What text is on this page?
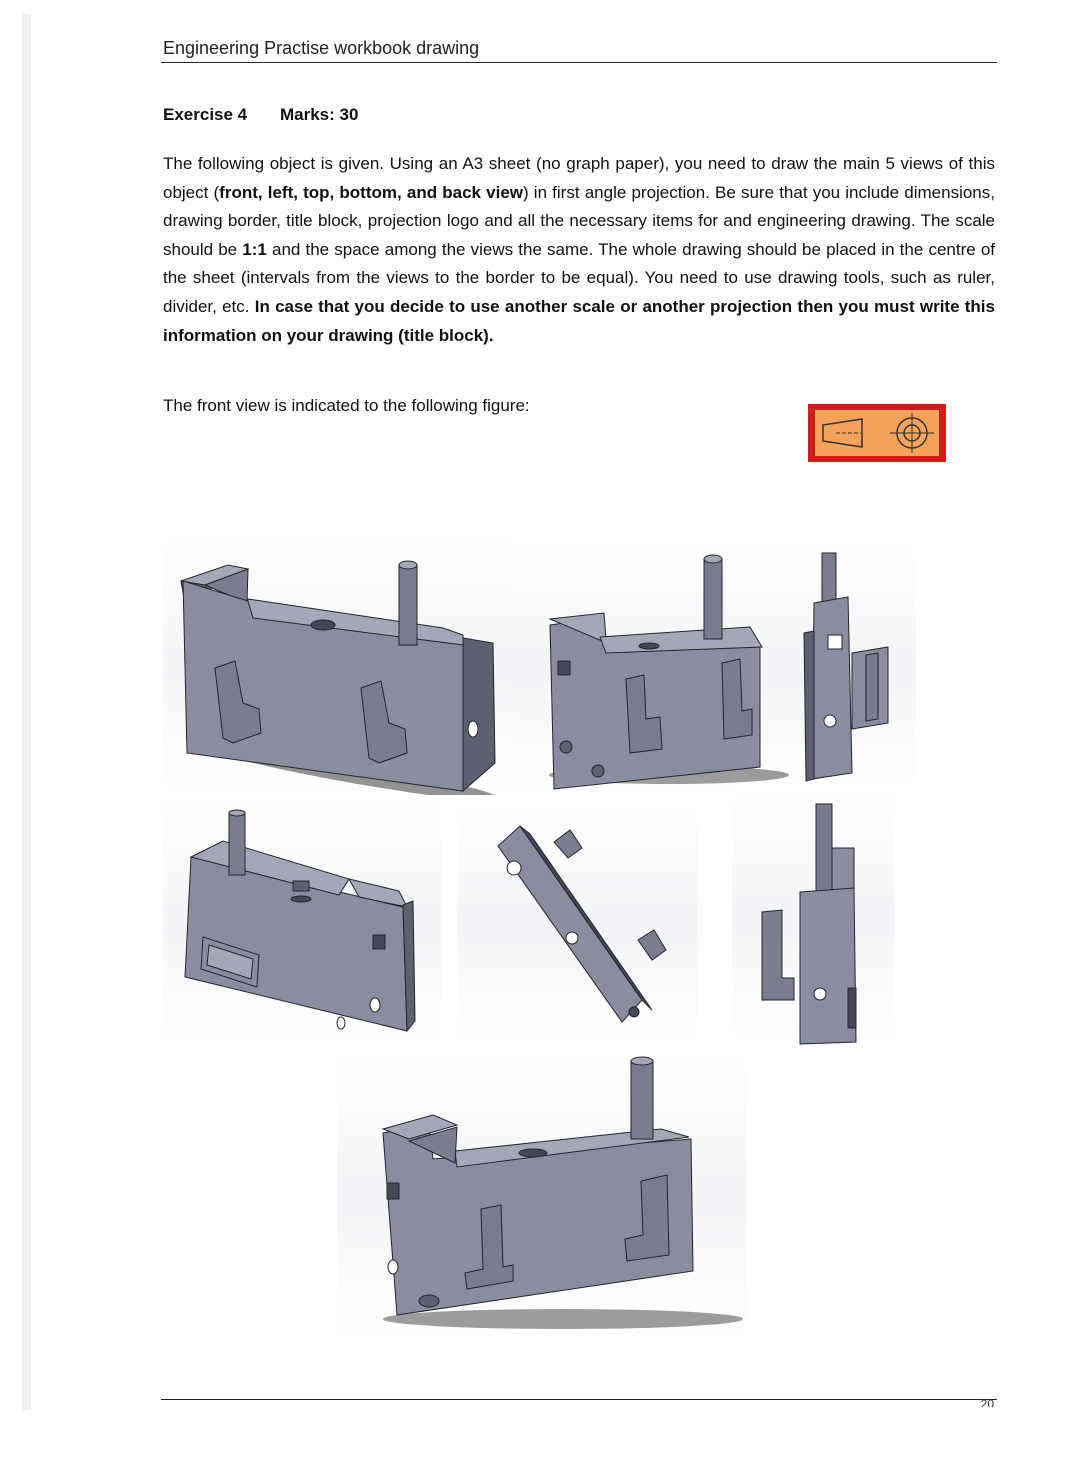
Engineering Practise workbook drawing
Exercise 4 Marks: 30

The following object is given. Using an A3 sheet (no graph paper), you need to draw the main 5 views of this object (front, left, top, bottom, and back view) in first angle projection. Be sure that you include dimensions, drawing border, title block, projection logo and all the necessary items for and engineering drawing. The scale should be 1:1 and the space among the views the same. The whole drawing should be placed in the centre of the sheet (intervals from the views to the border to be equal). You need to use drawing tools, such as ruler, divider, etc. In case that you decide to use another scale or another projection then you must write this information on your drawing (title block).

The front view is indicated to the following figure:
20
